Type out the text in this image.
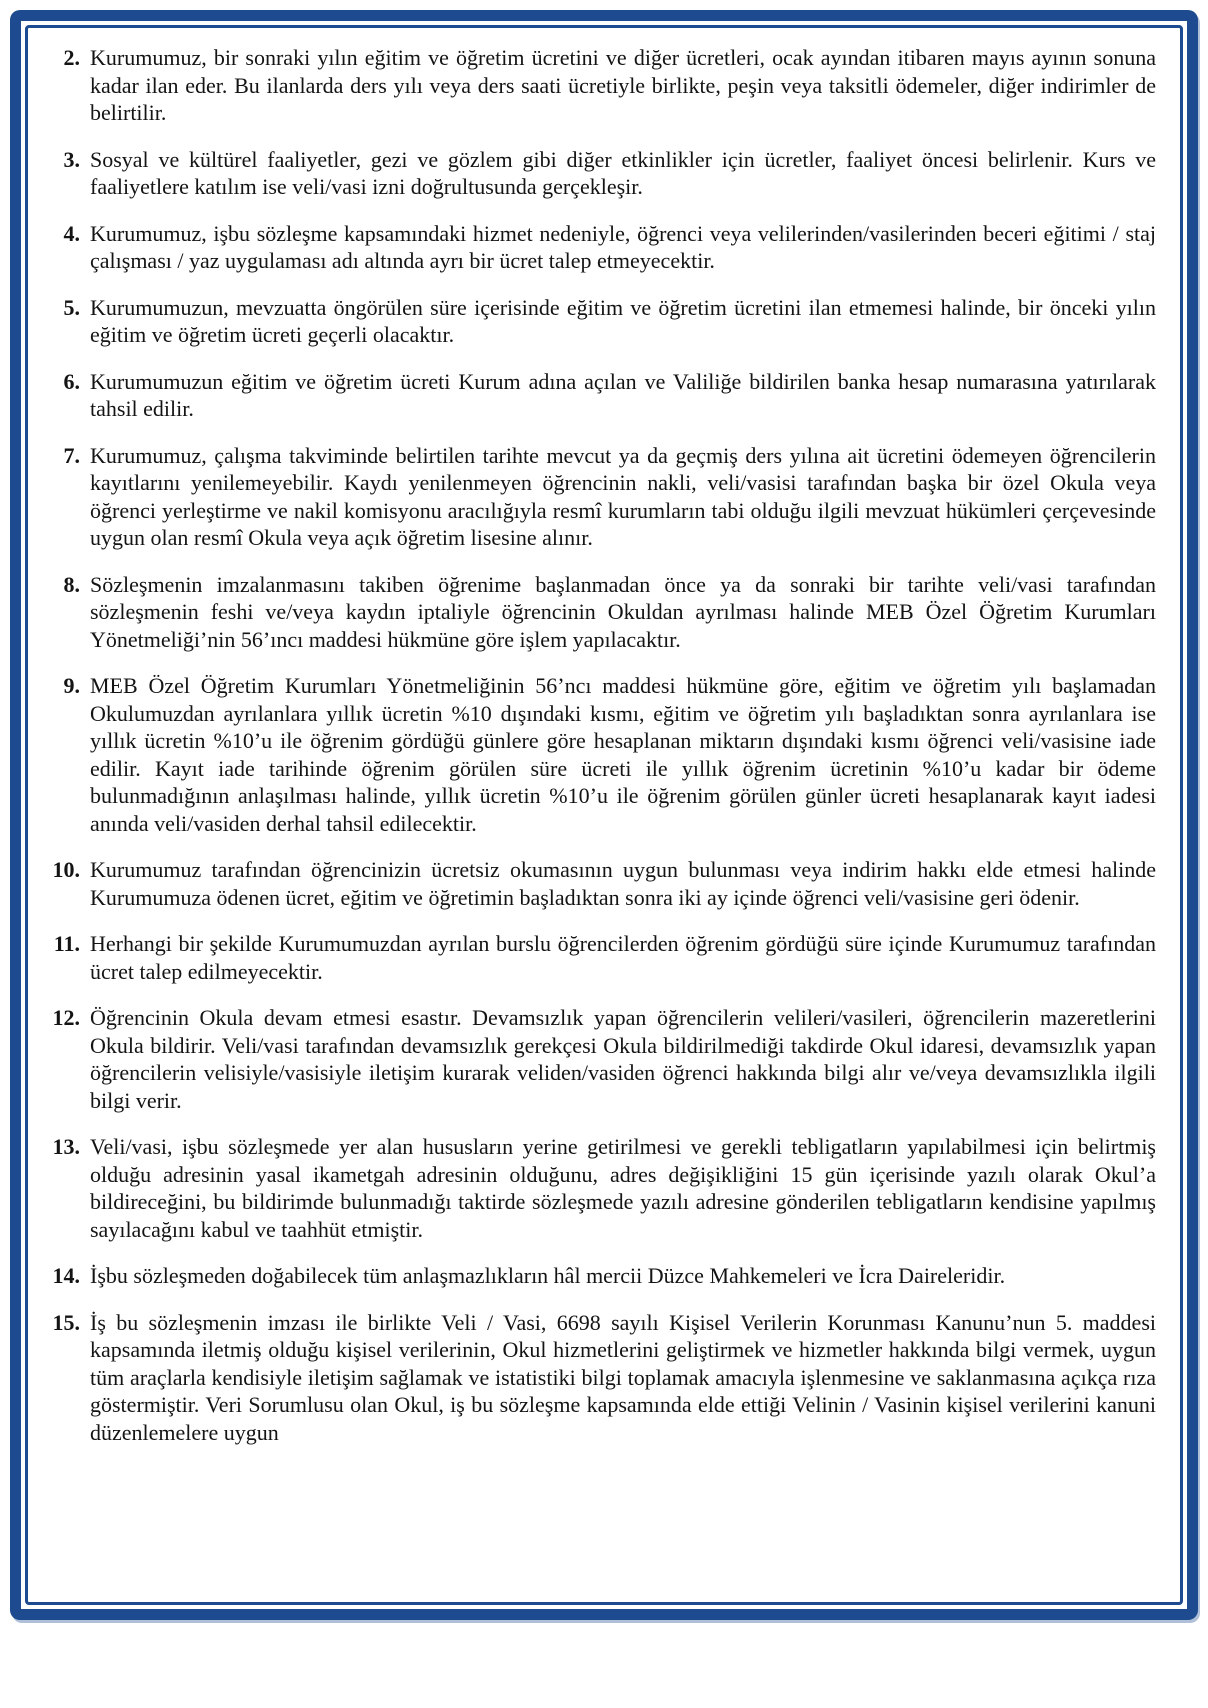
2. Kurumumuz, bir sonraki yılın eğitim ve öğretim ücretini ve diğer ücretleri, ocak ayından itibaren mayıs ayının sonuna kadar ilan eder. Bu ilanlarda ders yılı veya ders saati ücretiyle birlikte, peşin veya taksitli ödemeler, diğer indirimler de belirtilir.
3. Sosyal ve kültürel faaliyetler, gezi ve gözlem gibi diğer etkinlikler için ücretler, faaliyet öncesi belirlenir. Kurs ve faaliyetlere katılım ise veli/vasi izni doğrultusunda gerçekleşir.
4. Kurumumuz, işbu sözleşme kapsamındaki hizmet nedeniyle, öğrenci veya velilerinden/vasilerinden beceri eğitimi / staj çalışması / yaz uygulaması adı altında ayrı bir ücret talep etmeyecektir.
5. Kurumumuzun, mevzuatta öngörülen süre içerisinde eğitim ve öğretim ücretini ilan etmemesi halinde, bir önceki yılın eğitim ve öğretim ücreti geçerli olacaktır.
6. Kurumumuzun eğitim ve öğretim ücreti Kurum adına açılan ve Valiliğe bildirilen banka hesap numarasına yatırılarak tahsil edilir.
7. Kurumumuz, çalışma takviminde belirtilen tarihte mevcut ya da geçmiş ders yılına ait ücretini ödemeyen öğrencilerin kayıtlarını yenilemeyebilir. Kaydı yenilenmeyen öğrencinin nakli, veli/vasisi tarafından başka bir özel Okula veya öğrenci yerleştirme ve nakil komisyonu aracılığıyla resmî kurumların tabi olduğu ilgili mevzuat hükümleri çerçevesinde uygun olan resmî Okula veya açık öğretim lisesine alınır.
8. Sözleşmenin imzalanmasını takiben öğrenime başlanmadan önce ya da sonraki bir tarihte veli/vasi tarafından sözleşmenin feshi ve/veya kaydın iptaliyle öğrencinin Okuldan ayrılması halinde MEB Özel Öğretim Kurumları Yönetmeliği’nin 56’ıncı maddesi hükmüne göre işlem yapılacaktır.
9. MEB Özel Öğretim Kurumları Yönetmeliğinin 56’ncı maddesi hükmüne göre, eğitim ve öğretim yılı başlamadan Okulumuzdan ayrılanlara yıllık ücretin %10 dışındaki kısmı, eğitim ve öğretim yılı başladıktan sonra ayrılanlara ise yıllık ücretin %10’u ile öğrenim gördüğü günlere göre hesaplanan miktarın dışındaki kısmı öğrenci veli/vasisine iade edilir. Kayıt iade tarihinde öğrenim görülen süre ücreti ile yıllık öğrenim ücretinin %10’u kadar bir ödeme bulunmadığının anlaşılması halinde, yıllık ücretin %10’u ile öğrenim görülen günler ücreti hesaplanarak kayıt iadesi anında veli/vasiden derhal tahsil edilecektir.
10. Kurumumuz tarafından öğrencinizin ücretsiz okumasının uygun bulunması veya indirim hakkı elde etmesi halinde Kurumumuza ödenen ücret, eğitim ve öğretimin başladıktan sonra iki ay içinde öğrenci veli/vasisine geri ödenir.
11. Herhangi bir şekilde Kurumumuzdan ayrılan burslu öğrencilerden öğrenim gördüğü süre içinde Kurumumuz tarafından ücret talep edilmeyecektir.
12. Öğrencinin Okula devam etmesi esastır. Devamsızlık yapan öğrencilerin velileri/vasileri, öğrencilerin mazeretlerini Okula bildirir. Veli/vasi tarafından devamsızlık gerekçesi Okula bildirilmediği takdirde Okul idaresi, devamsızlık yapan öğrencilerin velisiyle/vasisiyle iletişim kurarak veliden/vasiden öğrenci hakkında bilgi alır ve/veya devamsızlıkla ilgili bilgi verir.
13. Veli/vasi, işbu sözleşmede yer alan hususların yerine getirilmesi ve gerekli tebligatların yapılabilmesi için belirtmiş olduğu adresinin yasal ikametgah adresinin olduğunu, adres değişikliğini 15 gün içerisinde yazılı olarak Okul’a bildireceğini, bu bildirimde bulunmadığı taktirde sözleşmede yazılı adresine gönderilen tebligatların kendisine yapılmış sayılacağını kabul ve taahhüt etmiştir.
14. İşbu sözleşmeden doğabilecek tüm anlaşmazlıkların hâl mercii Düzce Mahkemeleri ve İcra Daireleridir.
15. İş bu sözleşmenin imzası ile birlikte Veli / Vasi, 6698 sayılı Kişisel Verilerin Korunması Kanunu’nun 5. maddesi kapsamında iletmiş olduğu kişisel verilerinin, Okul hizmetlerini geliştirmek ve hizmetler hakkında bilgi vermek, uygun tüm araçlarla kendisiyle iletişim sağlamak ve istatistiki bilgi toplamak amacıyla işlenmesine ve saklanmasına açıkça rıza göstermiştir. Veri Sorumlusu olan Okul, iş bu sözleşme kapsamında elde ettiği Velinin / Vasinin kişisel verilerini kanuni düzenlemelere uygun
